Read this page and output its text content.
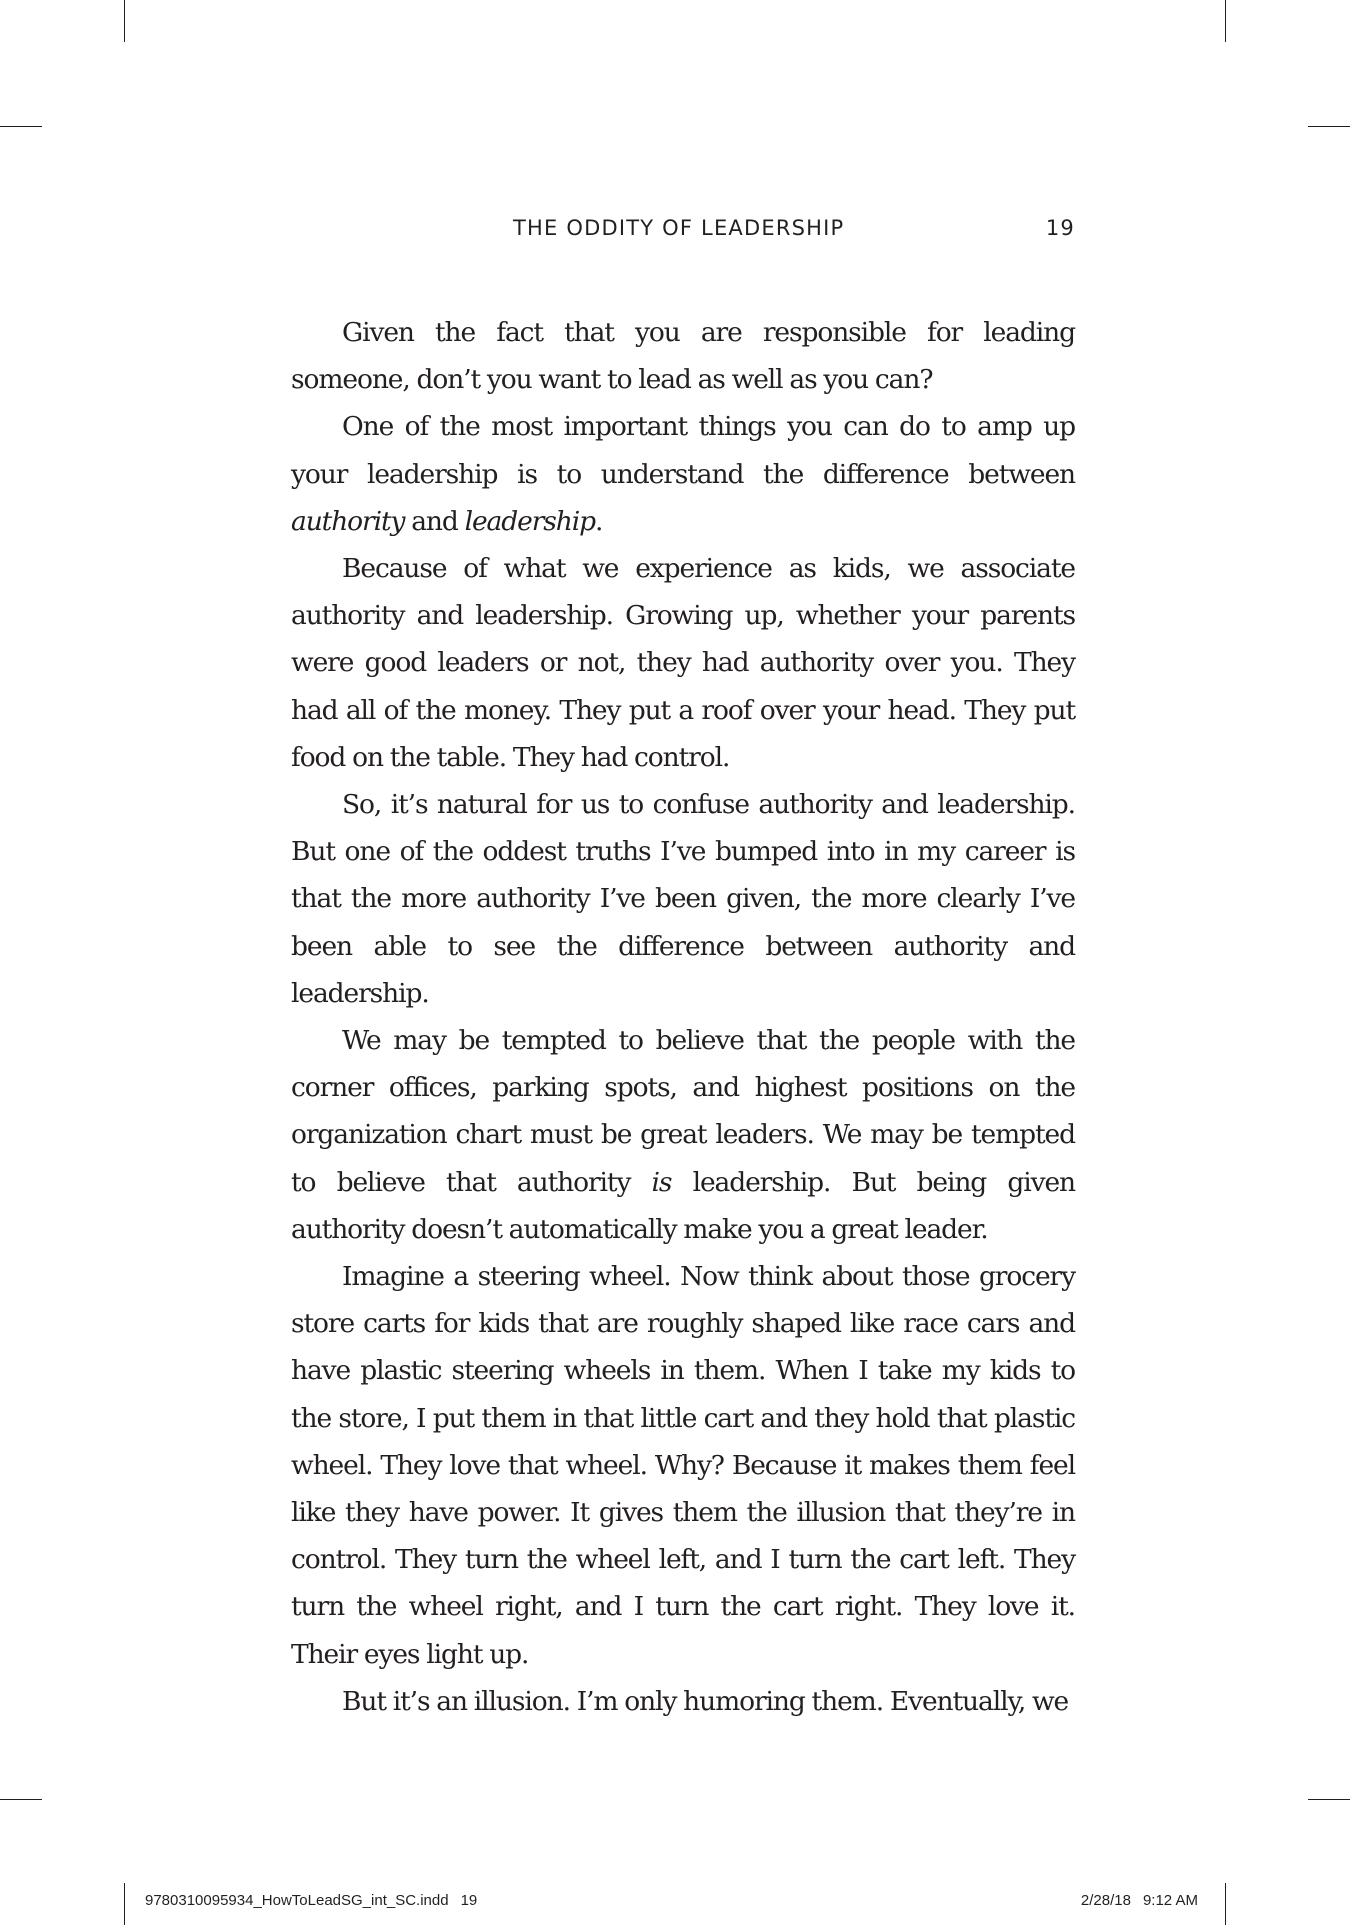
THE ODDITY OF LEADERSHIP	19

Given the fact that you are responsible for leading someone, don’t you want to lead as well as you can?

One of the most important things you can do to amp up your leadership is to understand the difference between authority and leadership.

Because of what we experience as kids, we associate authority and leadership. Growing up, whether your parents were good leaders or not, they had authority over you. They had all of the money. They put a roof over your head. They put food on the table. They had control.

So, it’s natural for us to confuse authority and leadership. But one of the oddest truths I’ve bumped into in my career is that the more authority I’ve been given, the more clearly I’ve been able to see the difference between authority and leadership.

We may be tempted to believe that the people with the corner offices, parking spots, and highest positions on the organization chart must be great leaders. We may be tempted to believe that authority is leadership. But being given authority doesn’t automatically make you a great leader.

Imagine a steering wheel. Now think about those grocery store carts for kids that are roughly shaped like race cars and have plastic steering wheels in them. When I take my kids to the store, I put them in that little cart and they hold that plastic wheel. They love that wheel. Why? Because it makes them feel like they have power. It gives them the illusion that they’re in control. They turn the wheel left, and I turn the cart left. They turn the wheel right, and I turn the cart right. They love it. Their eyes light up.

But it’s an illusion. I’m only humoring them. Eventually, we

9780310095934_HowToLeadSG_int_SC.indd 19	2/28/18 9:12 AM
